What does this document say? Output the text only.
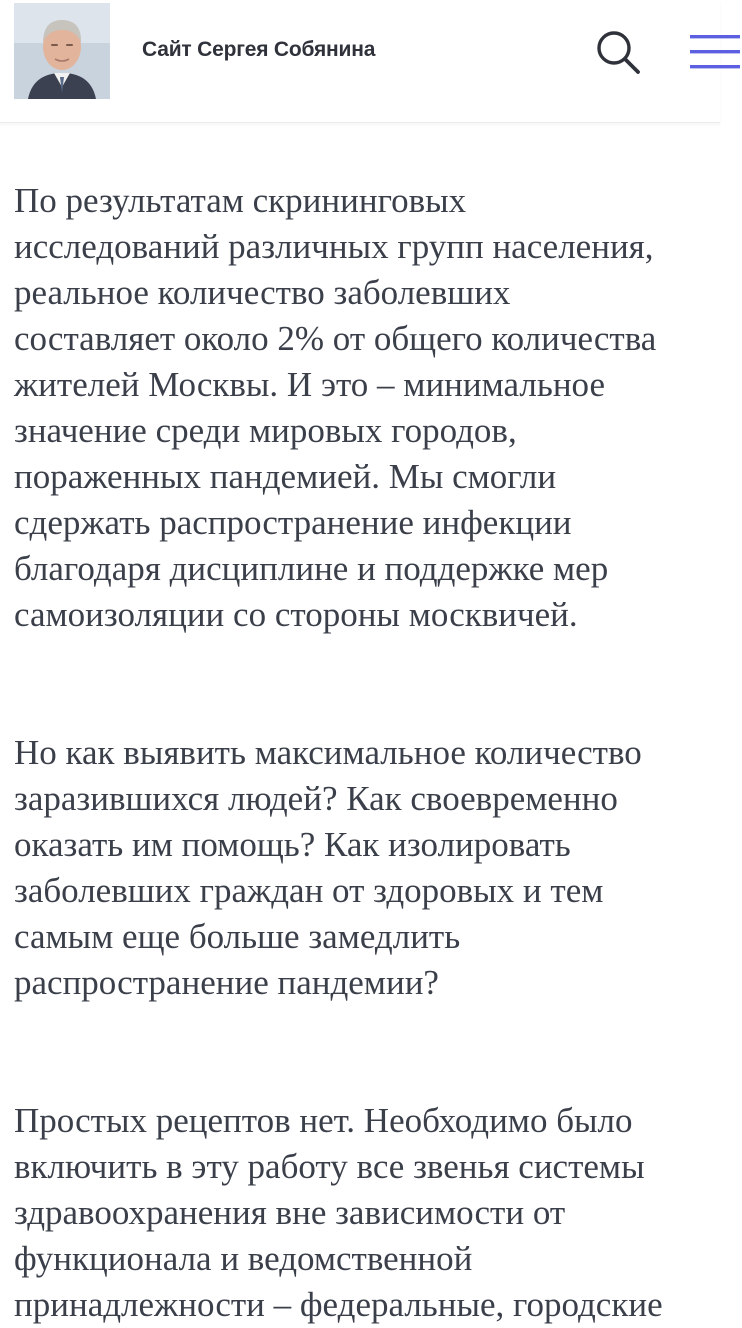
Сайт Сергея Собянина

По результатам скрининговых
исследований различных групп населения,
реальное количество заболевших
составляет около 2% от общего количества
жителей Москвы. И это – минимальное
значение среди мировых городов,
пораженных пандемией. Мы смогли
сдержать распространение инфекции
благодаря дисциплине и поддержке мер
самоизоляции со стороны москвичей.

Но как выявить максимальное количество
заразившихся людей? Как своевременно
оказать им помощь? Как изолировать
заболевших граждан от здоровых и тем
самым еще больше замедлить
распространение пандемии?

Простых рецептов нет. Необходимо было
включить в эту работу все звенья системы
здравоохранения вне зависимости от
функционала и ведомственной
принадлежности – федеральные, городские
